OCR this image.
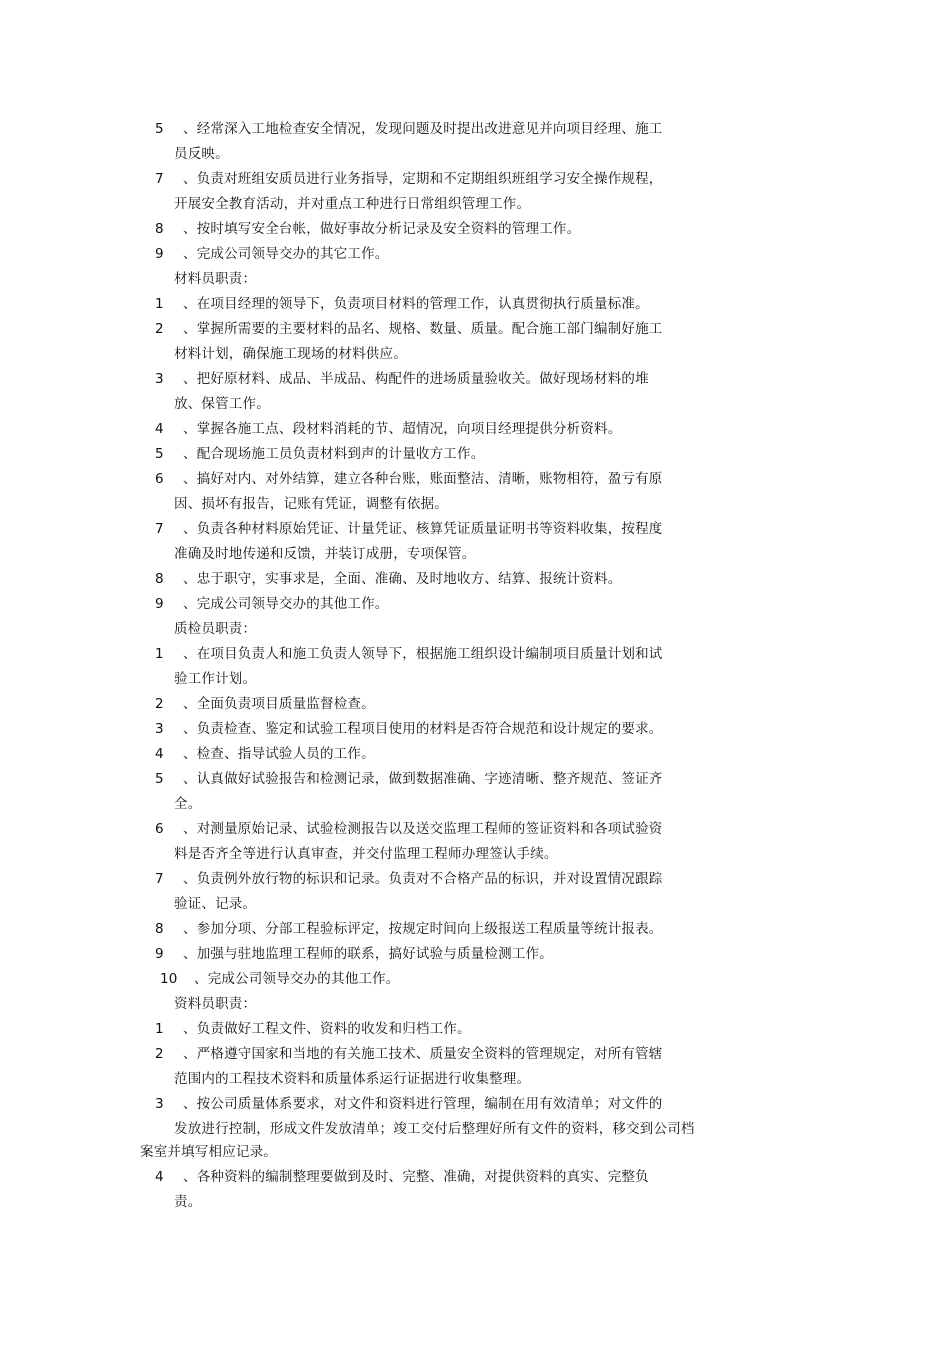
5 、经常深入工地检查安全情况，发现问题及时提出改进意见并向项目经理、施工
员反映。
7 、负责对班组安质员进行业务指导，定期和不定期组织班组学习安全操作规程，
开展安全教育活动，并对重点工种进行日常组织管理工作。
8 、按时填写安全台帐，做好事故分析记录及安全资料的管理工作。
9 、完成公司领导交办的其它工作。
材料员职责：
1 、在项目经理的领导下，负责项目材料的管理工作，认真贯彻执行质量标准。
2 、掌握所需要的主要材料的品名、规格、数量、质量。配合施工部门编制好施工
材料计划，确保施工现场的材料供应。
3 、把好原材料、成品、半成品、构配件的进场质量验收关。做好现场材料的堆
放、保管工作。
4 、掌握各施工点、段材料消耗的节、超情况，向项目经理提供分析资料。
5 、配合现场施工员负责材料到声的计量收方工作。
6 、搞好对内、对外结算，建立各种台账，账面整洁、清晰，账物相符，盈亏有原
因、损坏有报告，记账有凭证，调整有依据。
7 、负责各种材料原始凭证、计量凭证、核算凭证质量证明书等资料收集，按程度
准确及时地传递和反馈，并装订成册，专项保管。
8 、忠于职守，实事求是，全面、准确、及时地收方、结算、报统计资料。
9 、完成公司领导交办的其他工作。
质检员职责：
1 、在项目负责人和施工负责人领导下，根据施工组织设计编制项目质量计划和试
验工作计划。
2 、全面负责项目质量监督检查。
3 、负责检查、鉴定和试验工程项目使用的材料是否符合规范和设计规定的要求。
4 、检查、指导试验人员的工作。
5 、认真做好试验报告和检测记录，做到数据准确、字迹清晰、整齐规范、签证齐
全。
6 、对测量原始记录、试验检测报告以及送交监理工程师的签证资料和各项试验资
料是否齐全等进行认真审查，并交付监理工程师办理签认手续。
7 、负责例外放行物的标识和记录。负责对不合格产品的标识，并对设置情况跟踪
验证、记录。
8 、参加分项、分部工程验标评定，按规定时间向上级报送工程质量等统计报表。
9 、加强与驻地监理工程师的联系，搞好试验与质量检测工作。
10 、完成公司领导交办的其他工作。
资料员职责：
1 、负责做好工程文件、资料的收发和归档工作。
2 、严格遵守国家和当地的有关施工技术、质量安全资料的管理规定，对所有管辖
范围内的工程技术资料和质量体系运行证据进行收集整理。
3 、按公司质量体系要求，对文件和资料进行管理，编制在用有效清单；对文件的
发放进行控制，形成文件发放清单；竣工交付后整理好所有文件的资料，移交到公司档
案室并填写相应记录。
4 、各种资料的编制整理要做到及时、完整、准确，对提供资料的真实、完整负
责。
